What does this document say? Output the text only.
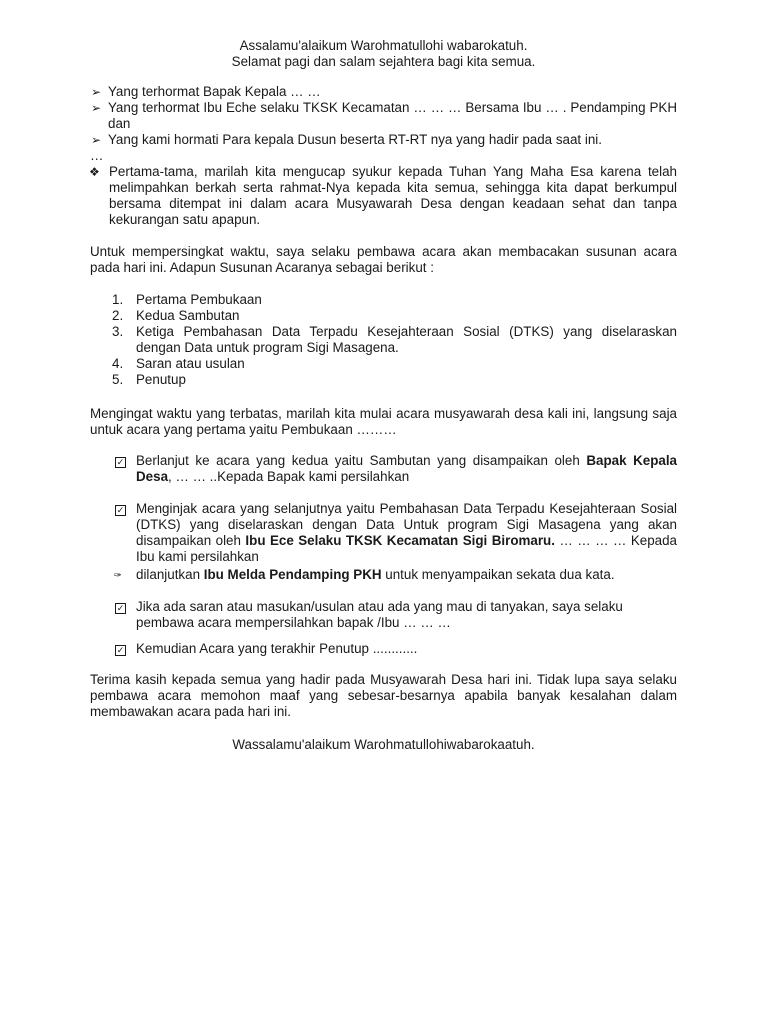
Assalamu'alaikum Warohmatullohi wabarokatuh.

Selamat pagi dan salam sejahtera bagi kita semua.

➢ Yang terhormat Bapak Kepala … …

➢ Yang terhormat Ibu Eche selaku TKSK Kecamatan … … … Bersama Ibu … . Pendamping PKH dan

➢ Yang kami hormati Para kepala Dusun beserta RT-RT nya yang hadir pada saat ini.

…

❖ Pertama-tama, marilah kita mengucap syukur kepada Tuhan Yang Maha Esa karena telah melimpahkan berkah serta rahmat-Nya kepada kita semua, sehingga kita dapat berkumpul bersama ditempat ini dalam acara Musyawarah Desa dengan keadaan sehat dan tanpa kekurangan satu apapun.

Untuk mempersingkat waktu, saya selaku pembawa acara akan membacakan susunan acara pada hari ini. Adapun Susunan Acaranya sebagai berikut :

1. Pertama Pembukaan

2. Kedua Sambutan

3. Ketiga Pembahasan Data Terpadu Kesejahteraan Sosial (DTKS) yang diselaraskan dengan Data untuk program Sigi Masagena.

4. Saran atau usulan

5. Penutup

Mengingat waktu yang terbatas, marilah kita mulai acara musyawarah desa kali ini, langsung saja untuk acara yang pertama yaitu Pembukaan ………

✓ Berlanjut ke acara yang kedua yaitu Sambutan yang disampaikan oleh Bapak Kepala Desa, … … ..Kepada Bapak kami persilahkan

✓ Menginjak acara yang selanjutnya yaitu Pembahasan Data Terpadu Kesejahteraan Sosial (DTKS) yang diselaraskan dengan Data Untuk program Sigi Masagena yang akan disampaikan oleh Ibu Ece Selaku TKSK Kecamatan Sigi Biromaru. … … … … Kepada Ibu kami persilahkan

✑ dilanjutkan Ibu Melda Pendamping PKH untuk menyampaikan sekata dua kata.

✓ Jika ada saran atau masukan/usulan atau ada yang mau di tanyakan, saya selaku pembawa acara mempersilahkan bapak /Ibu … … …

✓ Kemudian Acara yang terakhir Penutup ............

Terima kasih kepada semua yang hadir pada Musyawarah Desa hari ini. Tidak lupa saya selaku pembawa acara memohon maaf yang sebesar-besarnya apabila banyak kesalahan dalam membawakan acara pada hari ini.

Wassalamu'alaikum Warohmatullohiwabarokaatuh.
